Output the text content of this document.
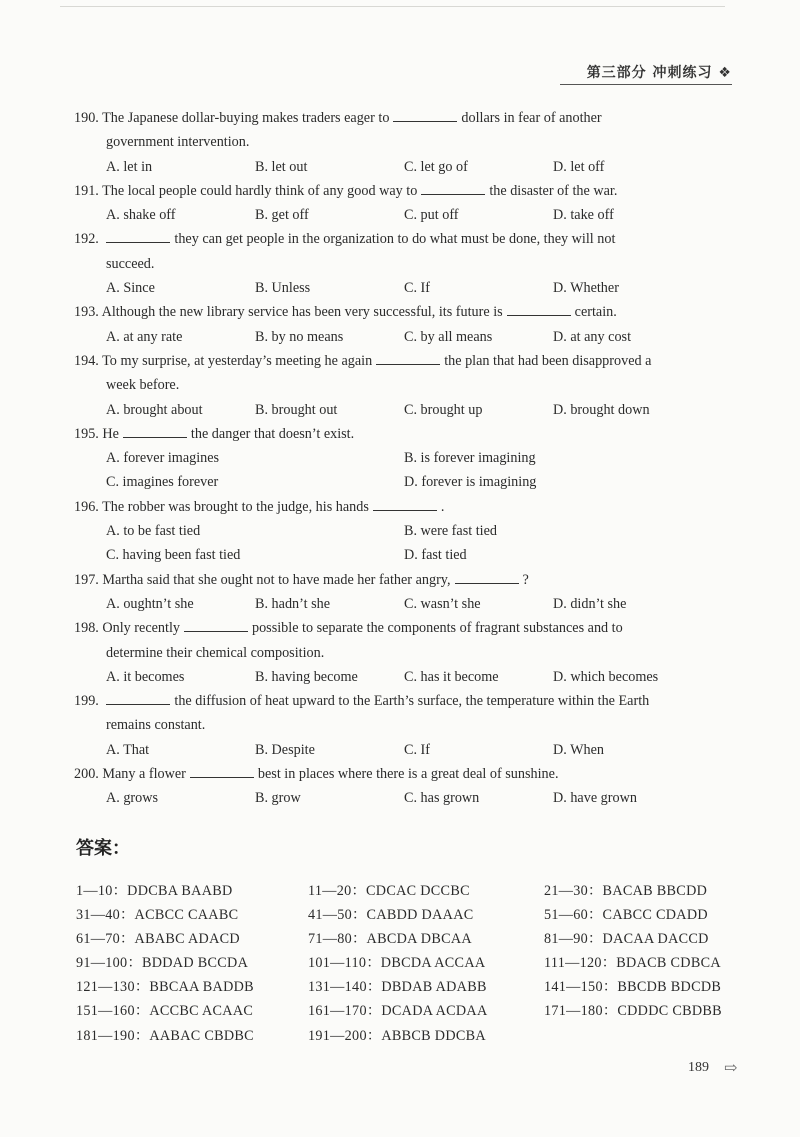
第三部分 冲刺练习 ❖
190. The Japanese dollar-buying makes traders eager to	dollars in fear of another
government intervention.
A. let in	B. let out	C. let go of	D. let off
191. The local people could hardly think of any good way to	the disaster of the war.
A. shake off	B. get off	C. put off	D. take off
192.	they can get people in the organization to do what must be done, they will not
succeed.
A. Since	B. Unless	C. If	D. Whether
193. Although the new library service has been very successful, its future is	certain.
A. at any rate	B. by no means	C. by all means	D. at any cost
194. To my surprise, at yesterday’s meeting he again	the plan that had been disapproved a
week before.
A. brought about	B. brought out	C. brought up	D. brought down
195. He	the danger that doesn’t exist.
A. forever imagines	B. is forever imagining
C. imagines forever	D. forever is imagining
196. The robber was brought to the judge, his hands	.
A. to be fast tied	B. were fast tied
C. having been fast tied	D. fast tied
197. Martha said that she ought not to have made her father angry,	?
A. oughtn’t she	B. hadn’t she	C. wasn’t she	D. didn’t she
198. Only recently	possible to separate the components of fragrant substances and to
determine their chemical composition.
A. it becomes	B. having become	C. has it become	D. which becomes
199.	the diffusion of heat upward to the Earth’s surface, the temperature within the Earth
remains constant.
A. That	B. Despite	C. If	D. When
200. Many a flower	best in places where there is a great deal of sunshine.
A. grows	B. grow	C. has grown	D. have grown
答案：
1—10：DDCBA BAABD	11—20：CDCAC DCCBC	21—30：BACAB BBCDD
31—40：ACBCC CAABC	41—50：CABDD DAAAC	51—60：CABCC CDADD
61—70：ABABC ADACD	71—80：ABCDA DBCAA	81—90：DACAA DACCD
91—100：BDDAD BCCDA	101—110：DBCDA ACCAA	111—120：BDACB CDBCA
121—130：BBCAA BADDB	131—140：DBDAB ADABB	141—150：BBCDB BDCDB
151—160：ACCBC ACAAC	161—170：DCADA ACDAA	171—180：CDDDC CBDBB
181—190：AABAC CBDBC	191—200：ABBCB DDCBA
189 ⇨
